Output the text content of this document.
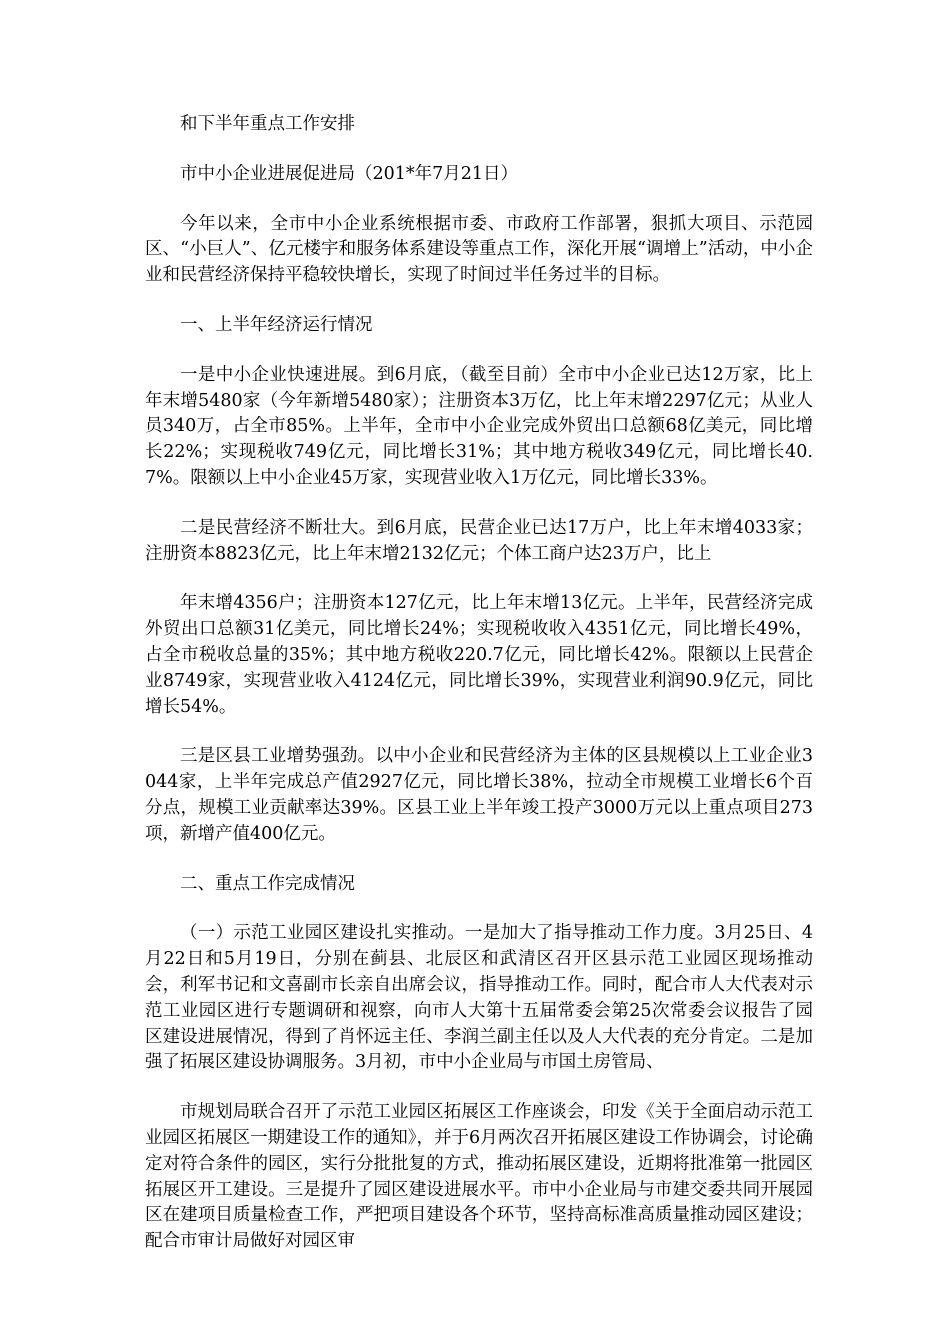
和下半年重点工作安排

市中小企业进展促进局（201*年7月21日）

今年以来，全市中小企业系统根据市委、市政府工作部署，狠抓大项目、示范园区、“小巨人”、亿元楼宇和服务体系建设等重点工作，深化开展“调增上”活动，中小企业和民营经济保持平稳较快增长，实现了时间过半任务过半的目标。

一、上半年经济运行情况

一是中小企业快速进展。到6月底，（截至目前）全市中小企业已达12万家，比上年末增5480家（今年新增5480家）；注册资本3万亿，比上年末增2297亿元；从业人员340万，占全市85%。上半年，全市中小企业完成外贸出口总额68亿美元，同比增长22%；实现税收749亿元，同比增长31%；其中地方税收349亿元，同比增长40.7%。限额以上中小企业45万家，实现营业收入1万亿元，同比增长33%。

二是民营经济不断壮大。到6月底，民营企业已达17万户，比上年末增4033家；注册资本8823亿元，比上年末增2132亿元；个体工商户达23万户，比上

年末增4356户；注册资本127亿元，比上年末增13亿元。上半年，民营经济完成外贸出口总额31亿美元，同比增长24%；实现税收收入4351亿元，同比增长49%，占全市税收总量的35%；其中地方税收220.7亿元，同比增长42%。限额以上民营企业8749家，实现营业收入4124亿元，同比增长39%，实现营业利润90.9亿元，同比增长54%。

三是区县工业增势强劲。以中小企业和民营经济为主体的区县规模以上工业企业3044家，上半年完成总产值2927亿元，同比增长38%，拉动全市规模工业增长6个百分点，规模工业贡献率达39%。区县工业上半年竣工投产3000万元以上重点项目273项，新增产值400亿元。

二、重点工作完成情况

（一）示范工业园区建设扎实推动。一是加大了指导推动工作力度。3月25日、4月22日和5月19日，分别在蓟县、北辰区和武清区召开区县示范工业园区现场推动会，利军书记和文喜副市长亲自出席会议，指导推动工作。同时，配合市人大代表对示范工业园区进行专题调研和视察，向市人大第十五届常委会第25次常委会议报告了园区建设进展情况，得到了肖怀远主任、李润兰副主任以及人大代表的充分肯定。二是加强了拓展区建设协调服务。3月初，市中小企业局与市国土房管局、

市规划局联合召开了示范工业园区拓展区工作座谈会，印发《关于全面启动示范工业园区拓展区一期建设工作的通知》，并于6月两次召开拓展区建设工作协调会，讨论确定对符合条件的园区，实行分批批复的方式，推动拓展区建设，近期将批准第一批园区拓展区开工建设。三是提升了园区建设进展水平。市中小企业局与市建交委共同开展园区在建项目质量检查工作，严把项目建设各个环节，坚持高标准高质量推动园区建设；配合市审计局做好对园区审
